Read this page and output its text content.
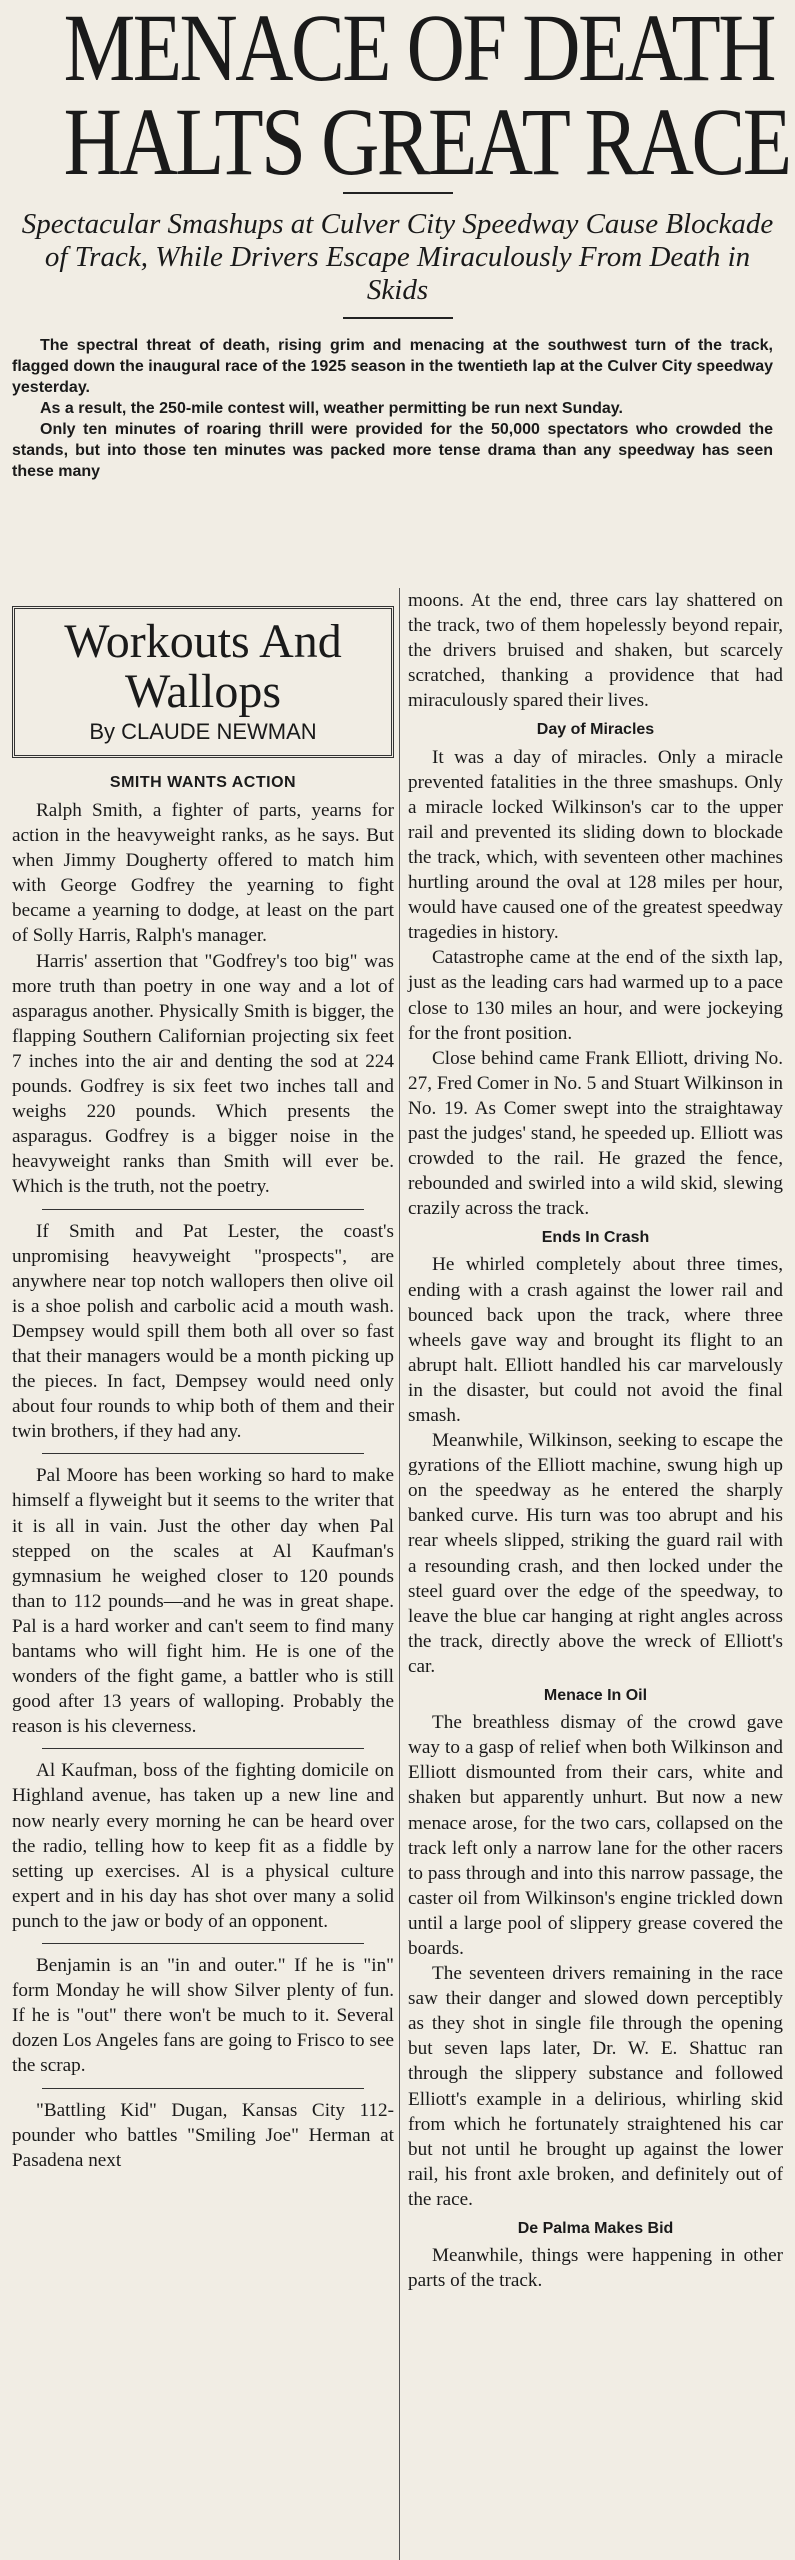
MENACE OF DEATH
HALTS GREAT RACE
Spectacular Smashups at Culver City Speedway Cause Blockade of Track, While Drivers Escape Miraculously From Death in Skids

The spectral threat of death, rising grim and menacing at the southwest turn of the track, flagged down the inaugural race of the 1925 season in the twentieth lap at the Culver City speedway yesterday.

As a result, the 250-mile contest will, weather permitting be run next Sunday.

Only ten minutes of roaring thrill were provided for the 50,000 spectators who crowded the stands, but into those ten minutes was packed more tense drama than any speedway has seen these many

Workouts And Wallops
By CLAUDE NEWMAN
SMITH WANTS ACTION

Ralph Smith, a fighter of parts, yearns for action in the heavyweight ranks, as he says. But when Jimmy Dougherty offered to match him with George Godfrey the yearning to fight became a yearning to dodge, at least on the part of Solly Harris, Ralph's manager.

Harris' assertion that "Godfrey's too big" was more truth than poetry in one way and a lot of asparagus another. Physically Smith is bigger, the flapping Southern Californian projecting six feet 7 inches into the air and denting the sod at 224 pounds. Godfrey is six feet two inches tall and weighs 220 pounds. Which presents the asparagus. Godfrey is a bigger noise in the heavyweight ranks than Smith will ever be. Which is the truth, not the poetry.

If Smith and Pat Lester, the coast's unpromising heavyweight "prospects", are anywhere near top notch wallopers then olive oil is a shoe polish and carbolic acid a mouth wash. Dempsey would spill them both all over so fast that their managers would be a month picking up the pieces. In fact, Dempsey would need only about four rounds to whip both of them and their twin brothers, if they had any.

Pal Moore has been working so hard to make himself a flyweight but it seems to the writer that it is all in vain. Just the other day when Pal stepped on the scales at Al Kaufman's gymnasium he weighed closer to 120 pounds than to 112 pounds—and he was in great shape. Pal is a hard worker and can't seem to find many bantams who will fight him. He is one of the wonders of the fight game, a battler who is still good after 13 years of walloping. Probably the reason is his cleverness.

Al Kaufman, boss of the fighting domicile on Highland avenue, has taken up a new line and now nearly every morning he can be heard over the radio, telling how to keep fit as a fiddle by setting up exercises. Al is a physical culture expert and in his day has shot over many a solid punch to the jaw or body of an opponent.

Benjamin is an "in and outer." If he is "in" form Monday he will show Silver plenty of fun. If he is "out" there won't be much to it. Several dozen Los Angeles fans are going to Frisco to see the scrap.

"Battling Kid" Dugan, Kansas City 112-pounder who battles "Smiling Joe" Herman at Pasadena next

moons. At the end, three cars lay shattered on the track, two of them hopelessly beyond repair, the drivers bruised and shaken, but scarcely scratched, thanking a providence that had miraculously spared their lives.

Day of Miracles

It was a day of miracles. Only a miracle prevented fatalities in the three smashups. Only a miracle locked Wilkinson's car to the upper rail and prevented its sliding down to blockade the track, which, with seventeen other machines hurtling around the oval at 128 miles per hour, would have caused one of the greatest speedway tragedies in history.

Catastrophe came at the end of the sixth lap, just as the leading cars had warmed up to a pace close to 130 miles an hour, and were jockeying for the front position.

Close behind came Frank Elliott, driving No. 27, Fred Comer in No. 5 and Stuart Wilkinson in No. 19. As Comer swept into the straightaway past the judges' stand, he speeded up. Elliott was crowded to the rail. He grazed the fence, rebounded and swirled into a wild skid, slewing crazily across the track.

Ends In Crash

He whirled completely about three times, ending with a crash against the lower rail and bounced back upon the track, where three wheels gave way and brought its flight to an abrupt halt. Elliott handled his car marvelously in the disaster, but could not avoid the final smash.

Meanwhile, Wilkinson, seeking to escape the gyrations of the Elliott machine, swung high up on the speedway as he entered the sharply banked curve. His turn was too abrupt and his rear wheels slipped, striking the guard rail with a resounding crash, and then locked under the steel guard over the edge of the speedway, to leave the blue car hanging at right angles across the track, directly above the wreck of Elliott's car.

Menace In Oil

The breathless dismay of the crowd gave way to a gasp of relief when both Wilkinson and Elliott dismounted from their cars, white and shaken but apparently unhurt. But now a new menace arose, for the two cars, collapsed on the track left only a narrow lane for the other racers to pass through and into this narrow passage, the caster oil from Wilkinson's engine trickled down until a large pool of slippery grease covered the boards.

The seventeen drivers remaining in the race saw their danger and slowed down perceptibly as they shot in single file through the opening but seven laps later, Dr. W. E. Shattuc ran through the slippery substance and followed Elliott's example in a delirious, whirling skid from which he fortunately straightened his car but not until he brought up against the lower rail, his front axle broken, and definitely out of the race.

De Palma Makes Bid

Meanwhile, things were happening in other parts of the track.
